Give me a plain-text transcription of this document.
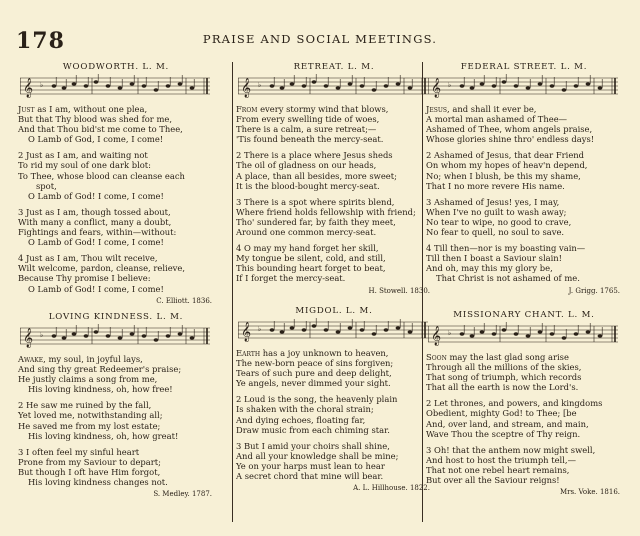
178	PRAISE AND SOCIAL MEETINGS.
WOODWORTH. L. M.
𝄞 ♭
Just as I am, without one plea,
But that Thy blood was shed for me,
And that Thou bid'st me come to Thee,
O Lamb of God, I come, I come!
2 Just as I am, and waiting not
To rid my soul of one dark blot:
To Thee, whose blood can cleanse each
spot,
O Lamb of God! I come, I come!
3 Just as I am, though tossed about,
With many a conflict, many a doubt,
Fightings and fears, within—without:
O Lamb of God! I come, I come!
4 Just as I am, Thou wilt receive,
Wilt welcome, pardon, cleanse, relieve,
Because Thy promise I believe:
O Lamb of God! I come, I come!
C. Elliott. 1836.
LOVING KINDNESS. L. M.
𝄞 ♭
Awake, my soul, in joyful lays,
And sing thy great Redeemer's praise;
He justly claims a song from me,
His loving kindness, oh, how free!
2 He saw me ruined by the fall,
Yet loved me, notwithstanding all;
He saved me from my lost estate;
His loving kindness, oh, how great!
3 I often feel my sinful heart
Prone from my Saviour to depart;
But though I oft have Him forgot,
His loving kindness changes not.
S. Medley. 1787.
RETREAT. L. M.
𝄞 ♭
From every stormy wind that blows,
From every swelling tide of woes,
There is a calm, a sure retreat;—
'Tis found beneath the mercy-seat.
2 There is a place where Jesus sheds
The oil of gladness on our heads,
A place, than all besides, more sweet;
It is the blood-bought mercy-seat.
3 There is a spot where spirits blend,
Where friend holds fellowship with friend;
Tho' sundered far, by faith they meet,
Around one common mercy-seat.
4 O may my hand forget her skill,
My tongue be silent, cold, and still,
This bounding heart forget to beat,
If I forget the mercy-seat.
H. Stowell. 1830.
MIGDOL. L. M.
𝄞 ♭
Earth has a joy unknown to heaven,
The new-born peace of sins forgiven;
Tears of such pure and deep delight,
Ye angels, never dimmed your sight.
2 Loud is the song, the heavenly plain
Is shaken with the choral strain;
And dying echoes, floating far,
Draw music from each chiming star.
3 But I amid your choirs shall shine,
And all your knowledge shall be mine;
Ye on your harps must lean to hear
A secret chord that mine will bear.
A. L. Hillhouse. 1822.
FEDERAL STREET. L. M.
𝄞 ♭
Jesus, and shall it ever be,
A mortal man ashamed of Thee—
Ashamed of Thee, whom angels praise,
Whose glories shine thro' endless days!
2 Ashamed of Jesus, that dear Friend
On whom my hopes of heav'n depend,
No; when I blush, be this my shame,
That I no more revere His name.
3 Ashamed of Jesus! yes, I may,
When I've no guilt to wash away;
No tear to wipe, no good to crave,
No fear to quell, no soul to save.
4 Till then—nor is my boasting vain—
Till then I boast a Saviour slain!
And oh, may this my glory be,
That Christ is not ashamed of me.
J. Grigg. 1765.
MISSIONARY CHANT. L. M.
𝄞 ♭
Soon may the last glad song arise
Through all the millions of the skies,
That song of triumph, which records
That all the earth is now the Lord's.
2 Let thrones, and powers, and kingdoms
Obedient, mighty God! to Thee; [be
And, over land, and stream, and main,
Wave Thou the sceptre of Thy reign.
3 Oh! that the anthem now might swell,
And host to host the triumph tell,—
That not one rebel heart remains,
But over all the Saviour reigns!
Mrs. Voke. 1816.
